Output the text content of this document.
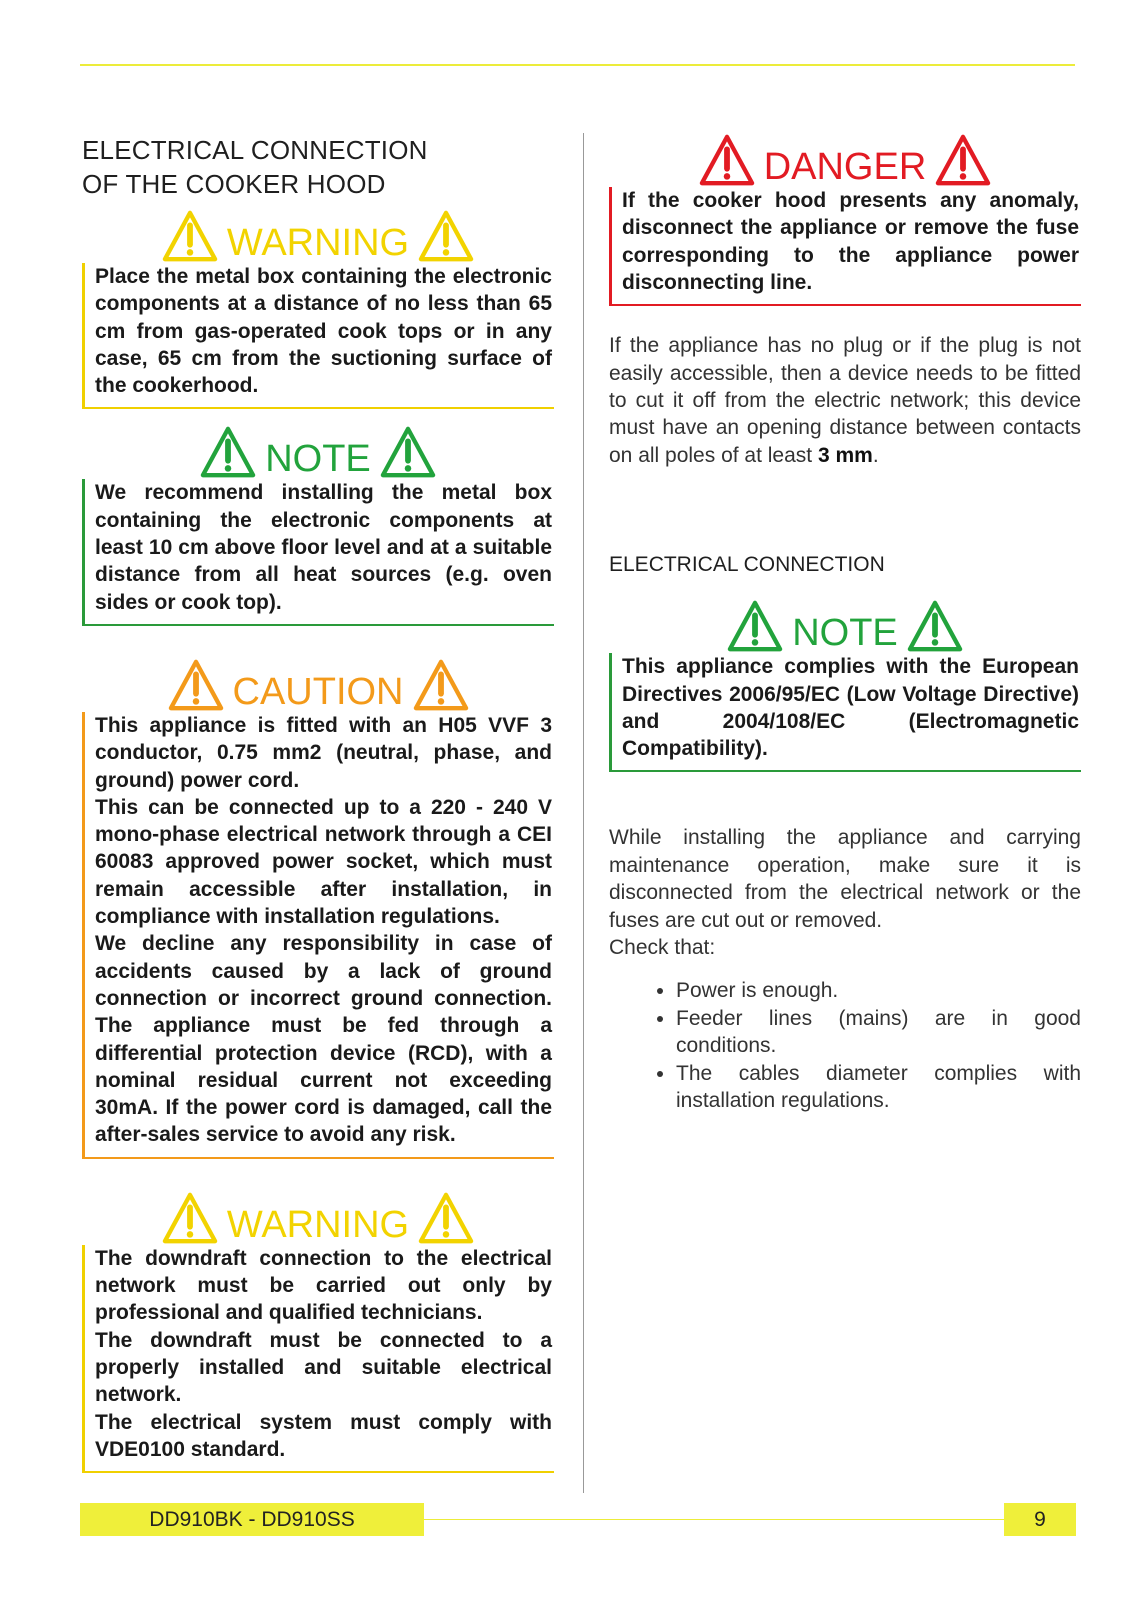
ELECTRICAL CONNECTION
OF THE COOKER HOOD
WARNING

Place the metal box containing the electronic components at a distance of no less than 65 cm from gas-operated cook tops or in any case, 65 cm from the suctioning surface of the cookerhood.

NOTE

We recommend installing the metal box containing the electronic components at least 10 cm above floor level and at a suitable distance from all heat sources (e.g. oven sides or cook top).

CAUTION

This appliance is fitted with an H05 VVF 3 conductor, 0.75 mm2 (neutral, phase, and ground) power cord.

This can be connected up to a 220 - 240 V mono-phase electrical network through a CEI 60083 approved power socket, which must remain accessible after installation, in compliance with installation regulations.

We decline any responsibility in case of accidents caused by a lack of ground connection or incorrect ground connection. The appliance must be fed through a differential protection device (RCD), with a nominal residual current not exceeding 30mA. If the power cord is damaged, call the after-sales service to avoid any risk.

WARNING

The downdraft connection to the electrical network must be carried out only by professional and qualified technicians.

The downdraft must be connected to a properly installed and suitable electrical network.

The electrical system must comply with VDE0100 standard.

DANGER

If the cooker hood presents any anomaly, disconnect the appliance or remove the fuse corresponding to the appliance power disconnecting line.

If the appliance has no plug or if the plug is not easily accessible, then a device needs to be fitted to cut it off from the electric network; this device must have an opening distance between contacts on all poles of at least 3 mm.

ELECTRICAL CONNECTION
NOTE

This appliance complies with the European Directives 2006/95/EC (Low Voltage Directive) and 2004/108/EC (Electromagnetic Compatibility).

While installing the appliance and carrying maintenance operation, make sure it is disconnected from the electrical network or the fuses are cut out or removed.

Check that:

• Power is enough.
• Feeder lines (mains) are in good conditions.
• The cables diameter complies with installation regulations.
DD910BK - DD910SS	9
